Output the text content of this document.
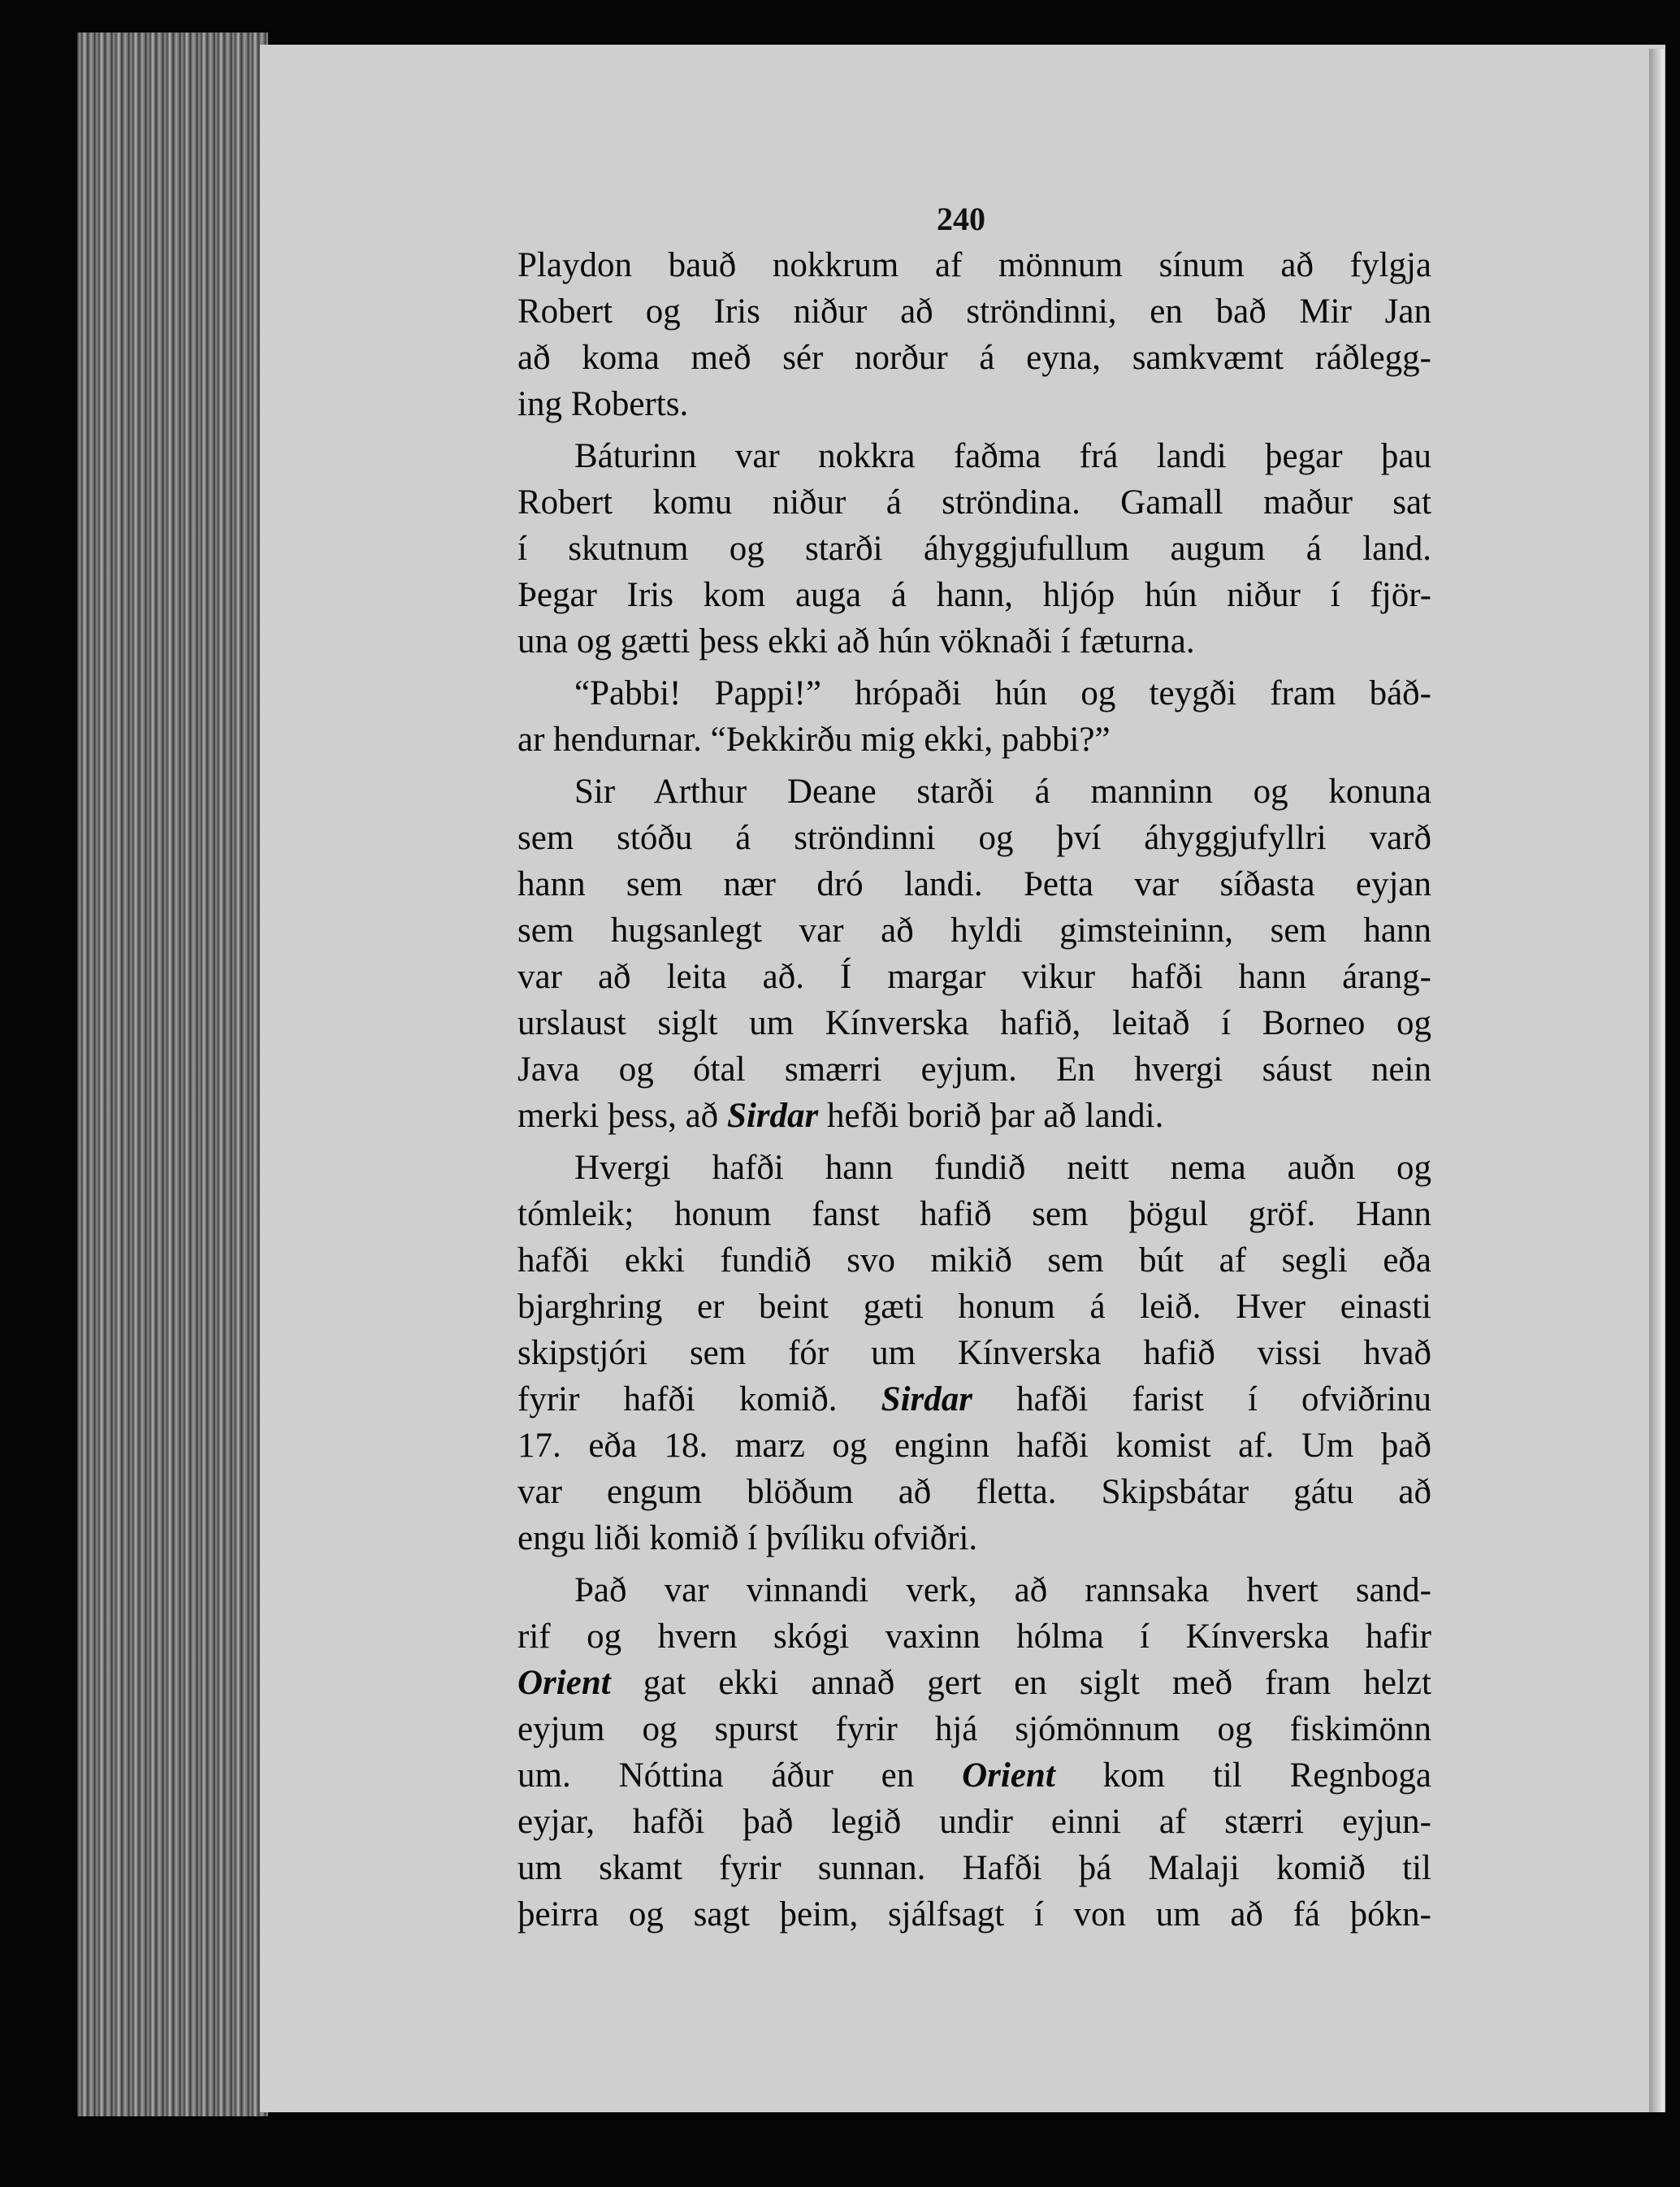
240

Playdon bauð nokkrum af mönnum sínum að fylgja
Robert og Iris niður að ströndinni, en bað Mir Jan
að koma með sér norður á eyna, samkvæmt ráðlegg-
ing Roberts.

Báturinn var nokkra faðma frá landi þegar þau
Robert komu niður á ströndina. Gamall maður sat
í skutnum og starði áhyggjufullum augum á land.
Þegar Iris kom auga á hann, hljóp hún niður í fjör-
una og gætti þess ekki að hún vöknaði í fæturna.

“Pabbi! Pappi!” hrópaði hún og teygði fram báð-
ar hendurnar. “Þekkirðu mig ekki, pabbi?”

Sir Arthur Deane starði á manninn og konuna
sem stóðu á ströndinni og því áhyggjufyllri varð
hann sem nær dró landi. Þetta var síðasta eyjan
sem hugsanlegt var að hyldi gimsteininn, sem hann
var að leita að. Í margar vikur hafði hann árang-
urslaust siglt um Kínverska hafið, leitað í Borneo og
Java og ótal smærri eyjum. En hvergi sáust nein
merki þess, að Sirdar hefði borið þar að landi.

Hvergi hafði hann fundið neitt nema auðn og
tómleik; honum fanst hafið sem þögul gröf. Hann
hafði ekki fundið svo mikið sem bút af segli eða
bjarghring er beint gæti honum á leið. Hver einasti
skipstjóri sem fór um Kínverska hafið vissi hvað
fyrir hafði komið. Sirdar hafði farist í ofviðrinu
17. eða 18. marz og enginn hafði komist af. Um það
var engum blöðum að fletta. Skipsbátar gátu að
engu liði komið í þvíliku ofviðri.

Það var vinnandi verk, að rannsaka hvert sand-
rif og hvern skógi vaxinn hólma í Kínverska hafir
Orient gat ekki annað gert en siglt með fram helzt
eyjum og spurst fyrir hjá sjómönnum og fiskimönn
um. Nóttina áður en Orient kom til Regnboga
eyjar, hafði það legið undir einni af stærri eyjun-
um skamt fyrir sunnan. Hafði þá Malaji komið til
þeirra og sagt þeim, sjálfsagt í von um að fá þókn-
